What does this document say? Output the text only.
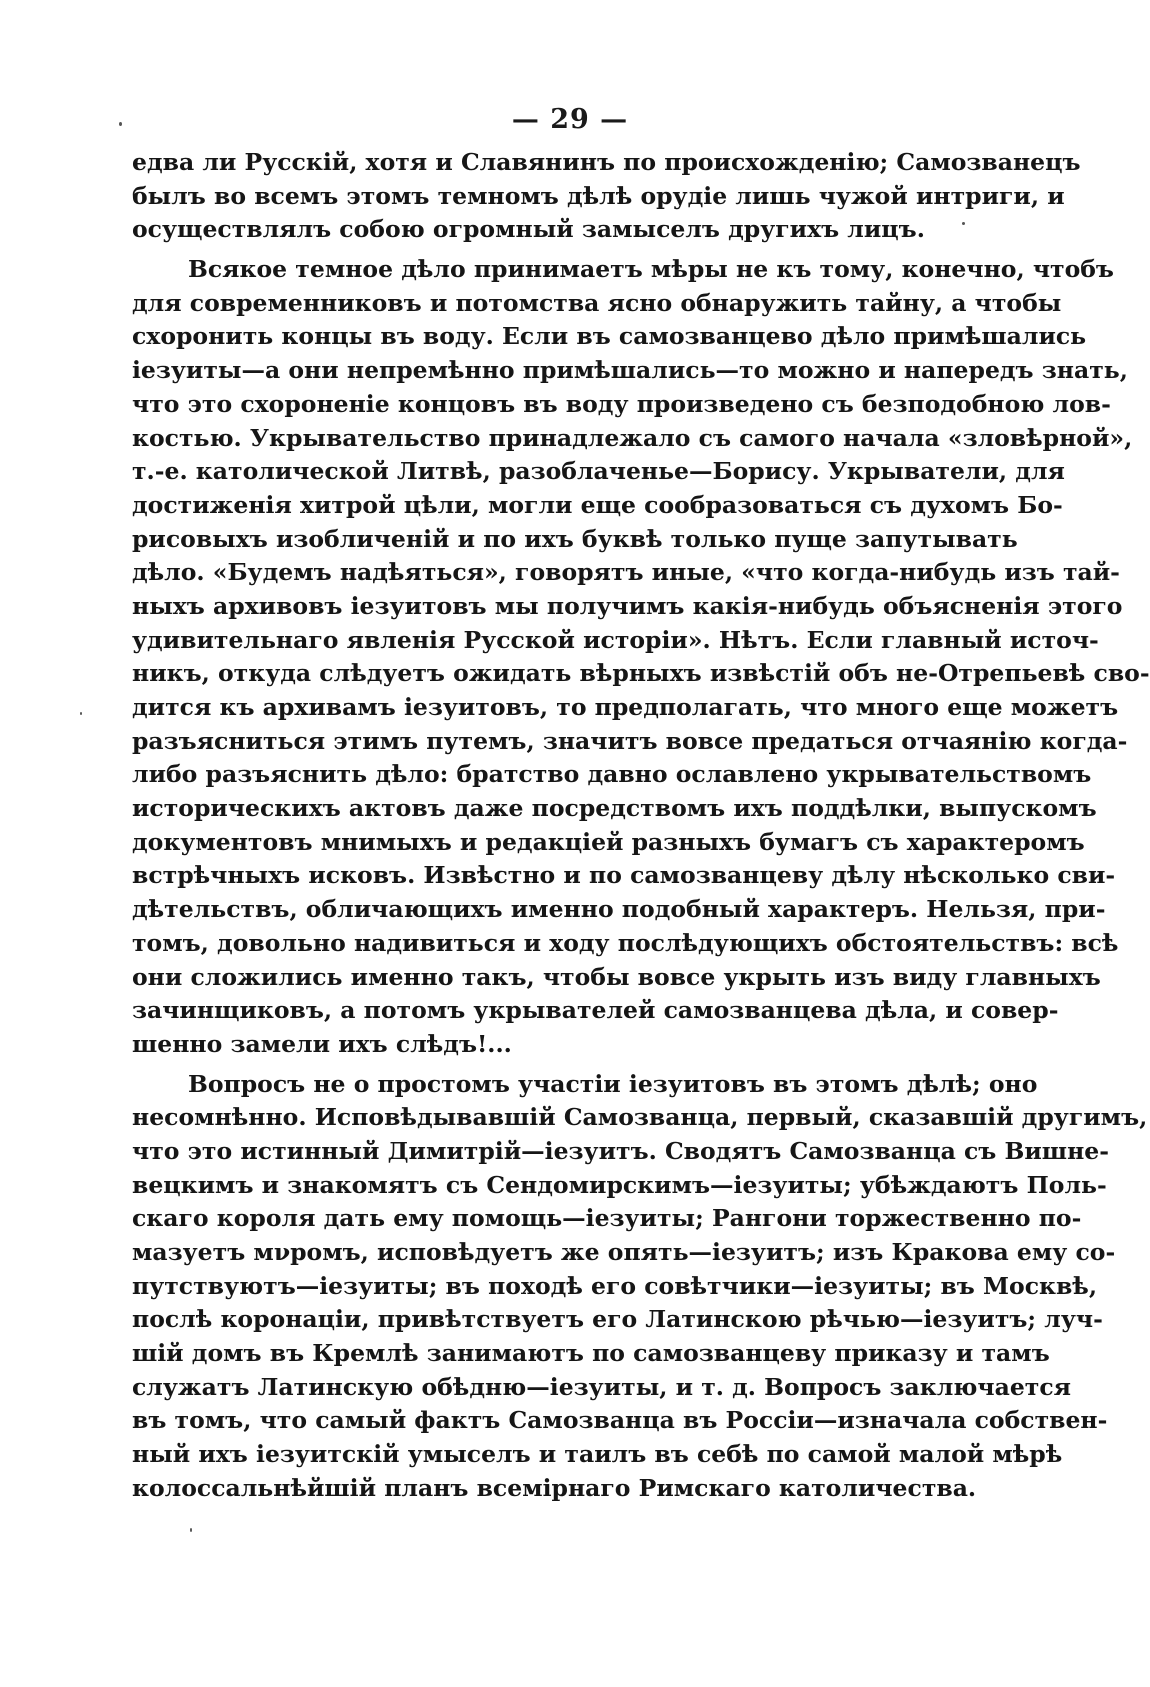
— 29 —
едва ли Русскій, хотя и Славянинъ по происхожденію; Самозванецъ
былъ во всемъ этомъ темномъ дѣлѣ орудіе лишь чужой интриги, и
осуществлялъ собою огромный замыселъ другихъ лицъ.
Всякое темное дѣло принимаетъ мѣры не къ тому, конечно, чтобъ
для современниковъ и потомства ясно обнаружить тайну, а чтобы
схоронить концы въ воду. Если въ самозванцево дѣло примѣшались
іезуиты—а они непремѣнно примѣшались—то можно и напередъ знать,
что это схороненіе концовъ въ воду произведено съ безподобною лов-
костью. Укрывательство принадлежало съ самого начала «зловѣрной»,
т.-е. католической Литвѣ, разоблаченье—Борису. Укрыватели, для
достиженія хитрой цѣли, могли еще сообразоваться съ духомъ Бо-
рисовыхъ изобличеній и по ихъ буквѣ только пуще запутывать
дѣло. «Будемъ надѣяться», говорятъ иные, «что когда-нибудь изъ тай-
ныхъ архивовъ іезуитовъ мы получимъ какія-нибудь объясненія этого
удивительнаго явленія Русской исторіи». Нѣтъ. Если главный источ-
никъ, откуда слѣдуетъ ожидать вѣрныхъ извѣстій объ не-Отрепьевѣ сво-
дится къ архивамъ іезуитовъ, то предполагать, что много еще можетъ
разъясниться этимъ путемъ, значитъ вовсе предаться отчаянію когда-
либо разъяснить дѣло: братство давно ославлено укрывательствомъ
историческихъ актовъ даже посредствомъ ихъ поддѣлки, выпускомъ
документовъ мнимыхъ и редакціей разныхъ бумагъ съ характеромъ
встрѣчныхъ исковъ. Извѣстно и по самозванцеву дѣлу нѣсколько сви-
дѣтельствъ, обличающихъ именно подобный характеръ. Нельзя, при-
томъ, довольно надивиться и ходу послѣдующихъ обстоятельствъ: всѣ
они сложились именно такъ, чтобы вовсе укрыть изъ виду главныхъ
зачинщиковъ, а потомъ укрывателей самозванцева дѣла, и совер-
шенно замели ихъ слѣдъ!...
Вопросъ не о простомъ участіи іезуитовъ въ этомъ дѣлѣ; оно
несомнѣнно. Исповѣдывавшій Самозванца, первый, сказавшій другимъ,
что это истинный Димитрій—іезуитъ. Сводятъ Самозванца съ Вишне-
вецкимъ и знакомятъ съ Сендомирскимъ—іезуиты; убѣждаютъ Поль-
скаго короля дать ему помощь—іезуиты; Рангони торжественно по-
мазуетъ мνромъ, исповѣдуетъ же опять—іезуитъ; изъ Кракова ему со-
путствуютъ—іезуиты; въ походѣ его совѣтчики—іезуиты; въ Москвѣ,
послѣ коронаціи, привѣтствуетъ его Латинскою рѣчью—іезуитъ; луч-
шій домъ въ Кремлѣ занимаютъ по самозванцеву приказу и тамъ
служатъ Латинскую обѣдню—іезуиты, и т. д. Вопросъ заключается
въ томъ, что самый фактъ Самозванца въ Россіи—изначала собствен-
ный ихъ іезуитскій умыселъ и таилъ въ себѣ по самой малой мѣрѣ
колоссальнѣйшій планъ всемірнаго Римскаго католичества.
